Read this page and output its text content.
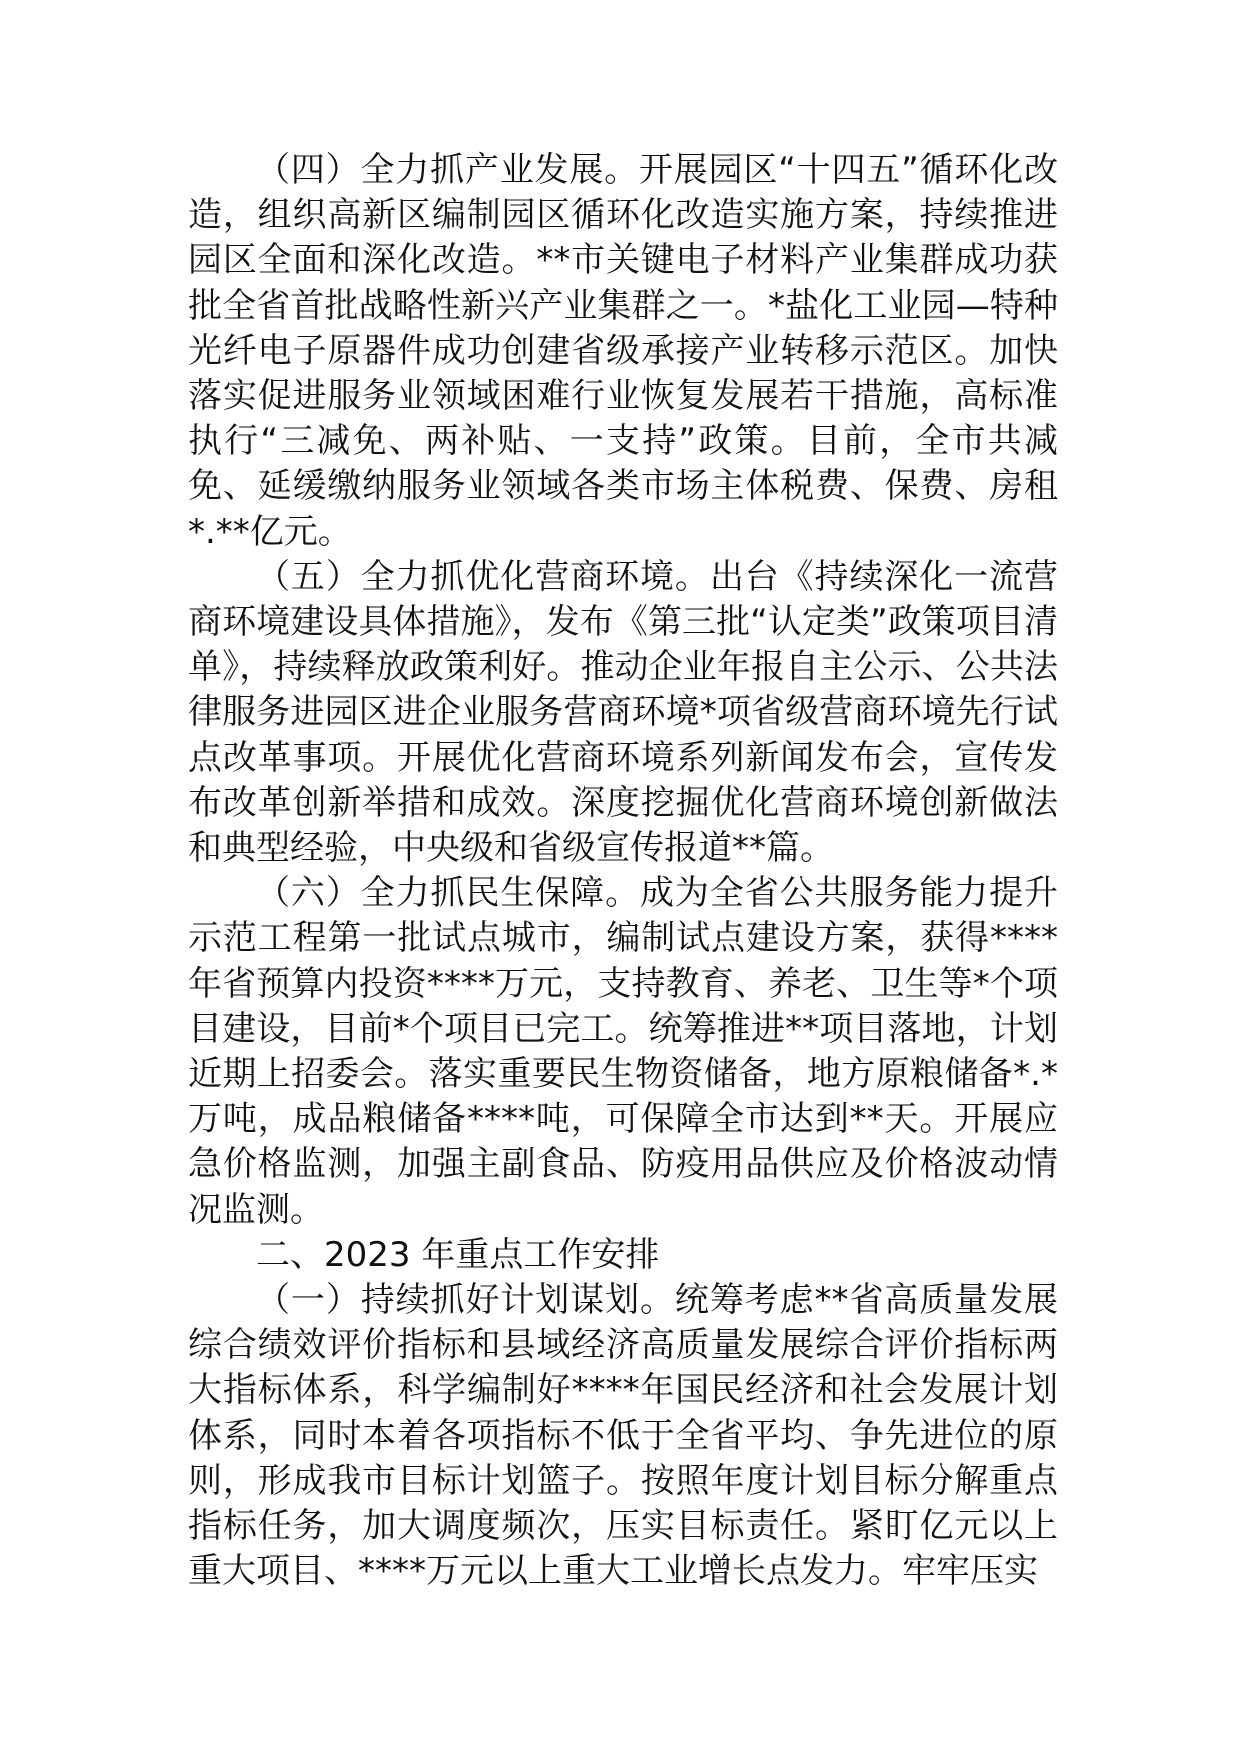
（四）全力抓产业发展。开展园区“十四五”循环化改造，组织高新区编制园区循环化改造实施方案，持续推进园区全面和深化改造。**市关键电子材料产业集群成功获批全省首批战略性新兴产业集群之一。*盐化工业园—特种光纤电子原器件成功创建省级承接产业转移示范区。加快落实促进服务业领域困难行业恢复发展若干措施，高标准执行“三减免、两补贴、一支持”政策。目前，全市共减免、延缓缴纳服务业领域各类市场主体税费、保费、房租*.**亿元。

（五）全力抓优化营商环境。出台《持续深化一流营商环境建设具体措施》，发布《第三批“认定类”政策项目清单》，持续释放政策利好。推动企业年报自主公示、公共法律服务进园区进企业服务营商环境*项省级营商环境先行试点改革事项。开展优化营商环境系列新闻发布会，宣传发布改革创新举措和成效。深度挖掘优化营商环境创新做法和典型经验，中央级和省级宣传报道**篇。

（六）全力抓民生保障。成为全省公共服务能力提升示范工程第一批试点城市，编制试点建设方案，获得****年省预算内投资****万元，支持教育、养老、卫生等*个项目建设，目前*个项目已完工。统筹推进**项目落地，计划近期上招委会。落实重要民生物资储备，地方原粮储备*.*万吨，成品粮储备****吨，可保障全市达到**天。开展应急价格监测，加强主副食品、防疫用品供应及价格波动情况监测。

二、2023 年重点工作安排

（一）持续抓好计划谋划。统筹考虑**省高质量发展综合绩效评价指标和县域经济高质量发展综合评价指标两大指标体系，科学编制好****年国民经济和社会发展计划体系，同时本着各项指标不低于全省平均、争先进位的原则，形成我市目标计划篮子。按照年度计划目标分解重点指标任务，加大调度频次，压实目标责任。紧盯亿元以上重大项目、****万元以上重大工业增长点发力。牢牢压实
